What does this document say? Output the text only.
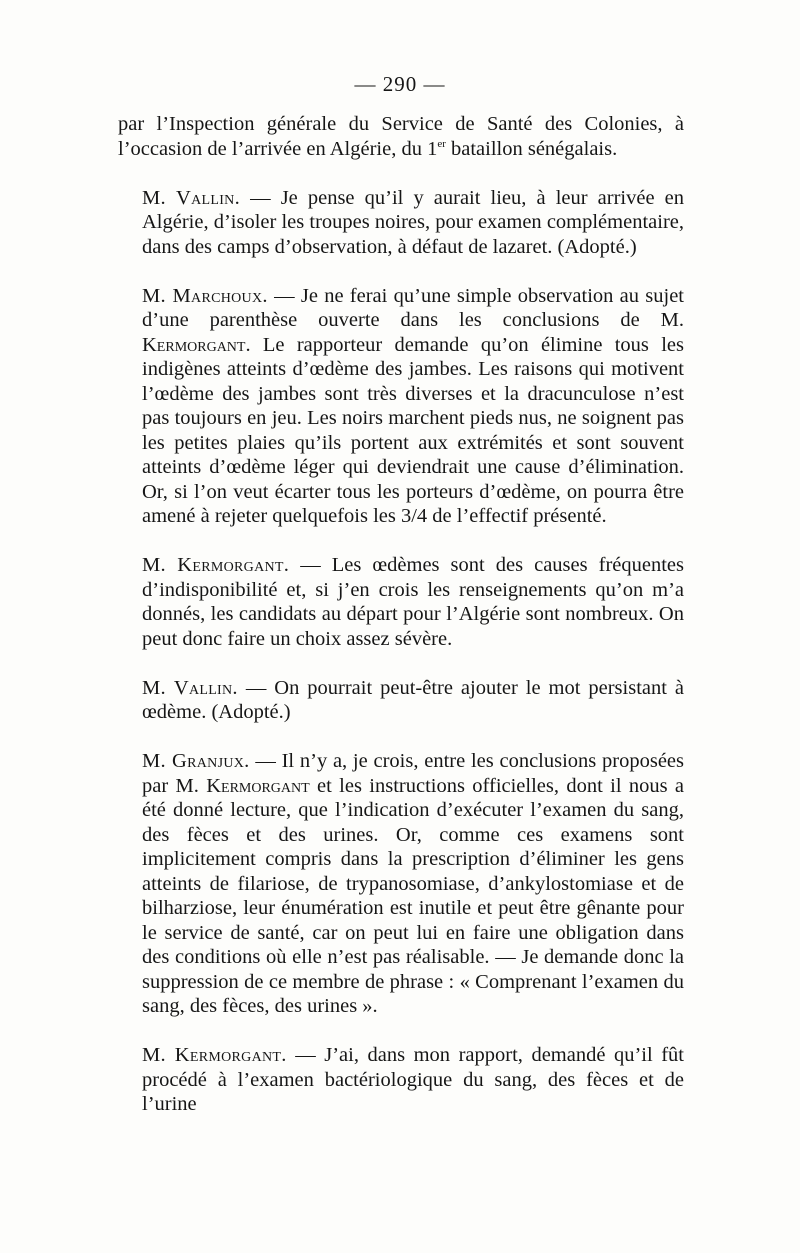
— 290 —

par l’Inspection générale du Service de Santé des Colonies, à l’occasion de l’arrivée en Algérie, du 1er bataillon sénégalais.

M. Vallin. — Je pense qu’il y aurait lieu, à leur arrivée en Algérie, d’isoler les troupes noires, pour examen complémentaire, dans des camps d’observation, à défaut de lazaret. (Adopté.)

M. Marchoux. — Je ne ferai qu’une simple observation au sujet d’une parenthèse ouverte dans les conclusions de M. Kermorgant. Le rapporteur demande qu’on élimine tous les indigènes atteints d’œdème des jambes. Les raisons qui motivent l’œdème des jambes sont très diverses et la dracunculose n’est pas toujours en jeu. Les noirs marchent pieds nus, ne soignent pas les petites plaies qu’ils portent aux extrémités et sont souvent atteints d’œdème léger qui deviendrait une cause d’élimination. Or, si l’on veut écarter tous les porteurs d’œdème, on pourra être amené à rejeter quelquefois les 3/4 de l’effectif présenté.

M. Kermorgant. — Les œdèmes sont des causes fréquentes d’indisponibilité et, si j’en crois les renseignements qu’on m’a donnés, les candidats au départ pour l’Algérie sont nombreux. On peut donc faire un choix assez sévère.

M. Vallin. — On pourrait peut-être ajouter le mot persistant à œdème. (Adopté.)

M. Granjux. — Il n’y a, je crois, entre les conclusions proposées par M. Kermorgant et les instructions officielles, dont il nous a été donné lecture, que l’indication d’exécuter l’examen du sang, des fèces et des urines. Or, comme ces examens sont implicitement compris dans la prescription d’éliminer les gens atteints de filariose, de trypanosomiase, d’ankylostomiase et de bilharziose, leur énumération est inutile et peut être gênante pour le service de santé, car on peut lui en faire une obligation dans des conditions où elle n’est pas réalisable. — Je demande donc la suppression de ce membre de phrase : « Comprenant l’examen du sang, des fèces, des urines ».

M. Kermorgant. — J’ai, dans mon rapport, demandé qu’il fût procédé à l’examen bactériologique du sang, des fèces et de l’urine
